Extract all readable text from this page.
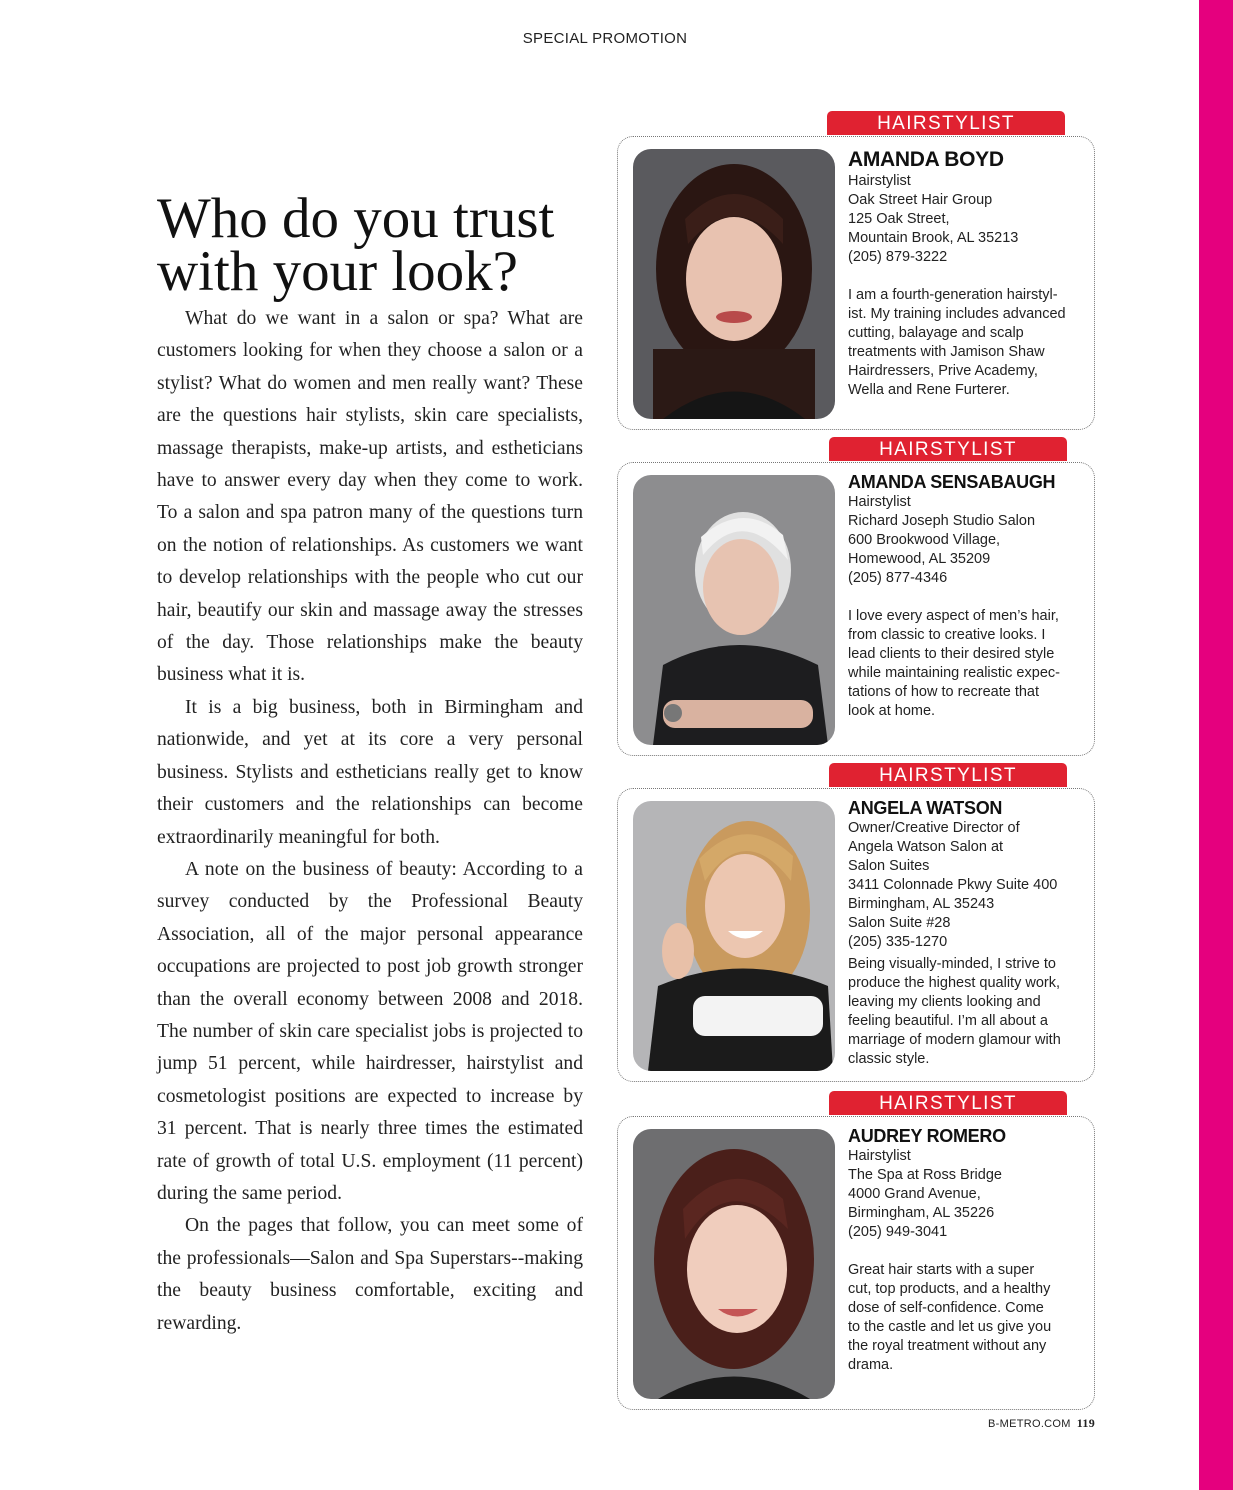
SPECIAL PROMOTION
Who do you trust
with your look?

What do we want in a salon or spa? What are customers looking for when they choose a salon or a stylist? What do women and men really want? These are the questions hair stylists, skin care specialists, massage therapists, make-up artists, and estheticians have to answer every day when they come to work. To a salon and spa patron many of the questions turn on the notion of relationships. As customers we want to develop relationships with the people who cut our hair, beautify our skin and massage away the stresses of the day. Those relationships make the beauty business what it is.

It is a big business, both in Birmingham and nationwide, and yet at its core a very personal business. Stylists and estheticians really get to know their customers and the relationships can become extraordinarily meaningful for both.

A note on the business of beauty: According to a survey conducted by the Professional Beauty Association, all of the major personal appearance occupations are projected to post job growth stronger than the overall economy between 2008 and 2018. The number of skin care specialist jobs is projected to jump 51 percent, while hairdresser, hairstylist and cosmetologist positions are expected to increase by 31 percent. That is nearly three times the estimated rate of growth of total U.S. employment (11 percent) during the same period.

On the pages that follow, you can meet some of the professionals—Salon and Spa Superstars--making the beauty business comfortable, exciting and rewarding.

HAIRSTYLIST
AMANDA BOYD
Hairstylist
Oak Street Hair Group
125 Oak Street,
Mountain Brook, AL 35213
(205) 879-3222
I am a fourth-generation hairstyl-
ist. My training includes advanced
cutting, balayage and scalp
treatments with Jamison Shaw
Hairdressers, Prive Academy,
Wella and Rene Furterer.
HAIRSTYLIST
AMANDA SENSABAUGH
Hairstylist
Richard Joseph Studio Salon
600 Brookwood Village,
Homewood, AL 35209
(205) 877-4346
I love every aspect of men’s hair,
from classic to creative looks. I
lead clients to their desired style
while maintaining realistic expec-
tations of how to recreate that
look at home.
HAIRSTYLIST
ANGELA WATSON
Owner/Creative Director of
Angela Watson Salon at
Salon Suites
3411 Colonnade Pkwy Suite 400
Birmingham, AL 35243
Salon Suite #28
(205) 335-1270
Being visually-minded, I strive to
produce the highest quality work,
leaving my clients looking and
feeling beautiful. I’m all about a
marriage of modern glamour with
classic style.
HAIRSTYLIST
AUDREY ROMERO
Hairstylist
The Spa at Ross Bridge
4000 Grand Avenue,
Birmingham, AL 35226
(205) 949-3041
Great hair starts with a super
cut, top products, and a healthy
dose of self-confidence. Come
to the castle and let us give you
the royal treatment without any
drama.
B-METRO.COM 119
